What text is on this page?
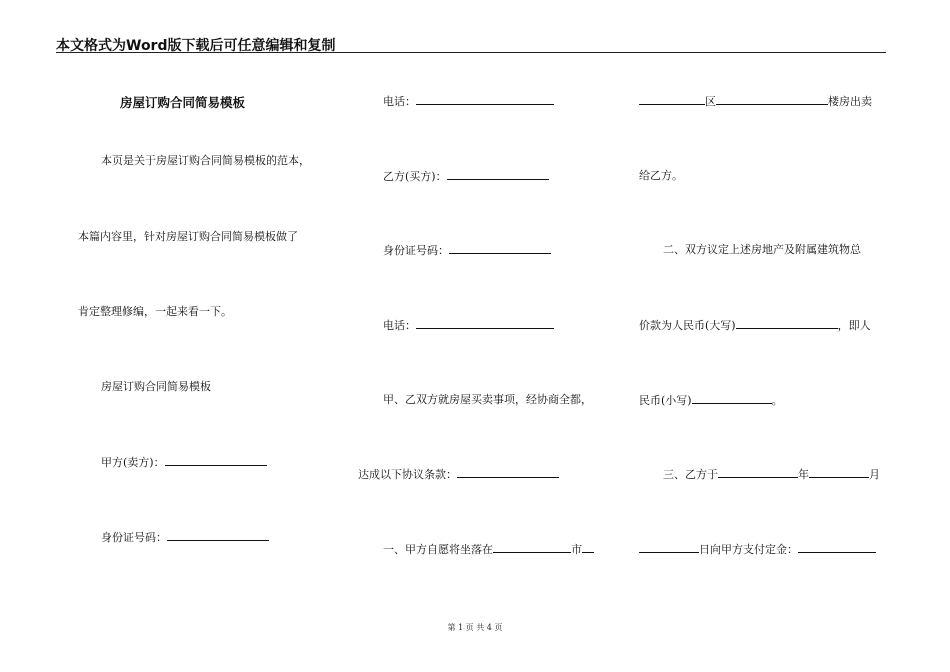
本文格式为Word版下载后可任意编辑和复制
房屋订购合同简易模板
本页是关于房屋订购合同简易模板的范本，
本篇内容里，针对房屋订购合同简易模板做了
肯定整理修编，一起来看一下。
房屋订购合同简易模板
甲方(卖方)：
身份证号码：
电话：
乙方(买方)：
身份证号码：
电话：
甲、乙双方就房屋买卖事项，经协商全都，
达成以下协议条款：
一、甲方自愿将坐落在	市
区	楼房出卖
给乙方。
二、双方议定上述房地产及附属建筑物总
价款为人民币(大写)	，即人
民币(小写)	。
三、乙方于	年	月
日向甲方支付定金：
第 1 页 共 4 页
